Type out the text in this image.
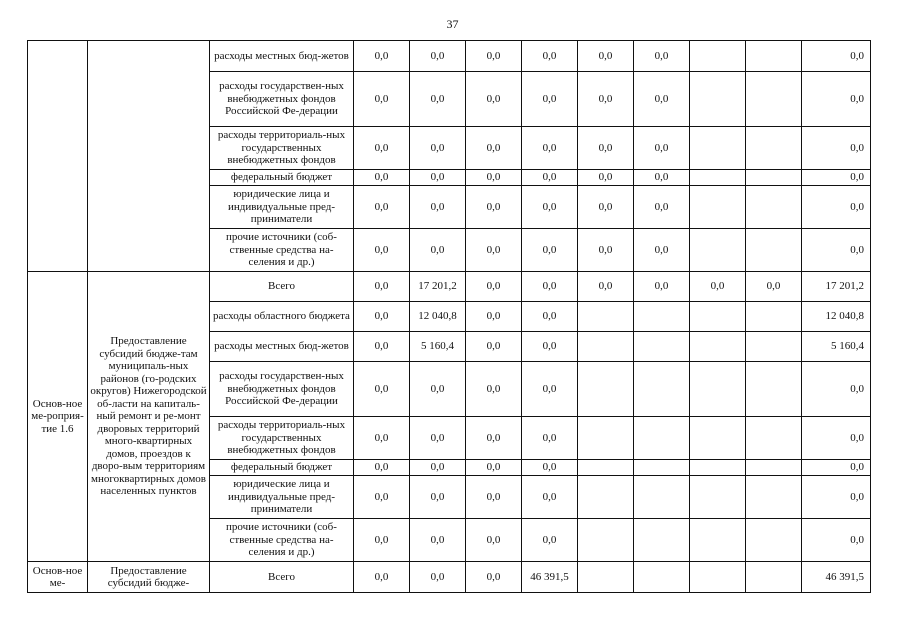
37
		расходы местных бюд-жетов	0,0	0,0	0,0	0,0	0,0	0,0			0,0
		расходы государствен-ных внебюджетных фондов Российской Фе-дерации	0,0	0,0	0,0	0,0	0,0	0,0			0,0
		расходы территориаль-ных государственных внебюджетных фондов	0,0	0,0	0,0	0,0	0,0	0,0			0,0
		федеральный бюджет	0,0	0,0	0,0	0,0	0,0	0,0			0,0
		юридические лица и индивидуальные пред-приниматели	0,0	0,0	0,0	0,0	0,0	0,0			0,0
		прочие источники (соб-ственные средства на-селения и др.)	0,0	0,0	0,0	0,0	0,0	0,0			0,0
Основ-ное ме-роприя-тие 1.6	Предоставление субсидий бюдже-там муниципаль-ных районов (го-родских округов) Нижегородской об-ласти на капиталь-ный ремонт и ре-монт дворовых территорий много-квартирных домов, проездов к дворо-вым территориям многоквартирных домов населенных пунктов	Всего	0,0	17 201,2	0,0	0,0	0,0	0,0	0,0	0,0	17 201,2
		расходы областного бюджета	0,0	12 040,8	0,0	0,0					12 040,8
		расходы местных бюд-жетов	0,0	5 160,4	0,0	0,0					5 160,4
		расходы государствен-ных внебюджетных фондов Российской Фе-дерации	0,0	0,0	0,0	0,0					0,0
		расходы территориаль-ных государственных внебюджетных фондов	0,0	0,0	0,0	0,0					0,0
		федеральный бюджет	0,0	0,0	0,0	0,0					0,0
		юридические лица и индивидуальные пред-приниматели	0,0	0,0	0,0	0,0					0,0
		прочие источники (соб-ственные средства на-селения и др.)	0,0	0,0	0,0	0,0					0,0
Основ-ное ме-	Предоставление субсидий бюдже-	Всего	0,0	0,0	0,0	46 391,5					46 391,5
